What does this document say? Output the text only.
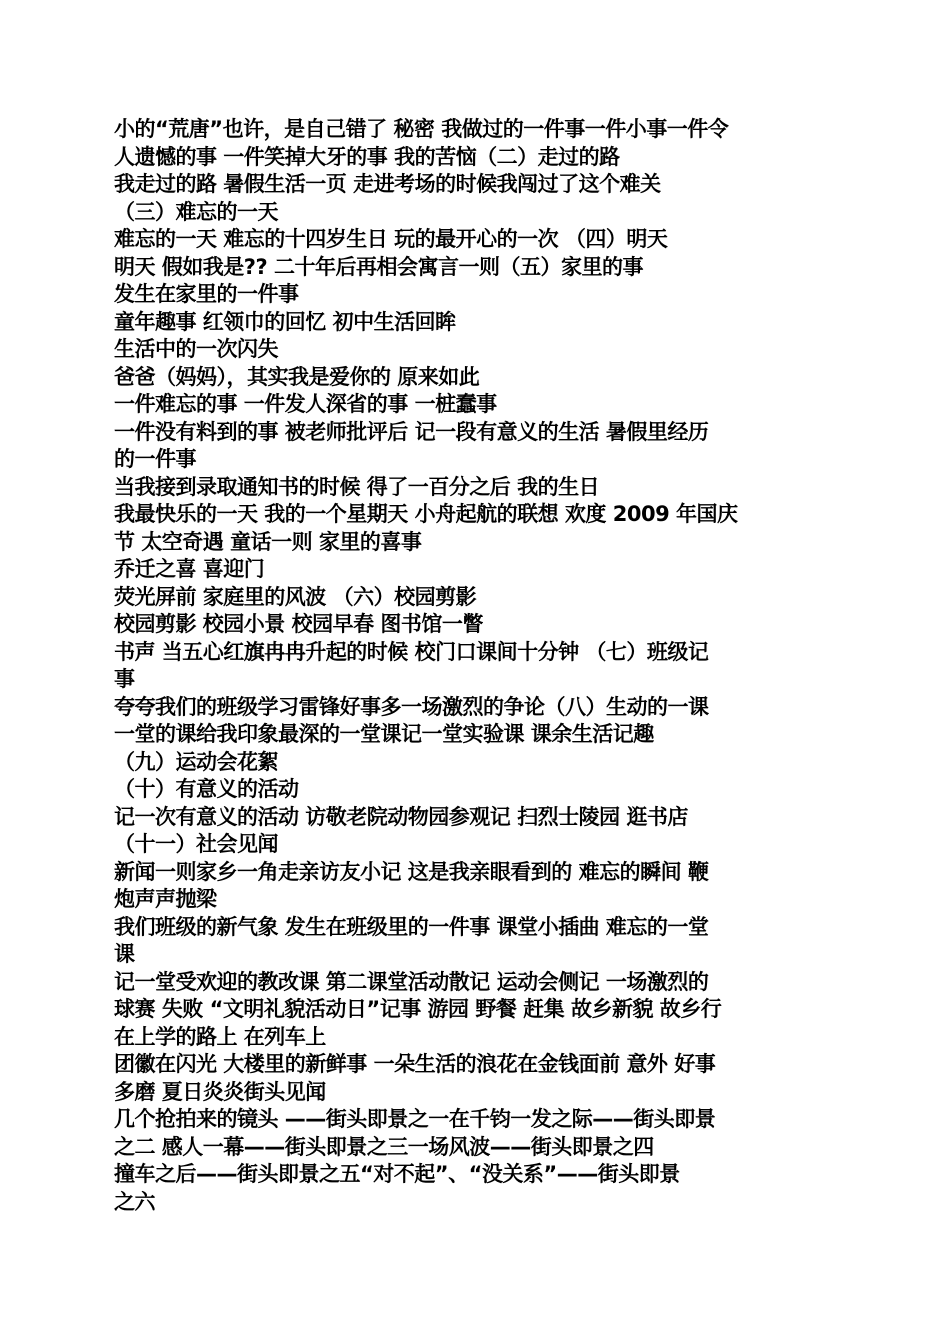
小的“荒唐”也许，是自己错了 秘密 我做过的一件事一件小事一件令
人遗憾的事 一件笑掉大牙的事 我的苦恼（二）走过的路
我走过的路 暑假生活一页 走进考场的时候我闯过了这个难关
（三）难忘的一天
难忘的一天 难忘的十四岁生日 玩的最开心的一次 （四）明天
明天 假如我是?? 二十年后再相会寓言一则（五）家里的事
发生在家里的一件事
童年趣事 红领巾的回忆 初中生活回眸
生活中的一次闪失
爸爸（妈妈），其实我是爱你的 原来如此
一件难忘的事 一件发人深省的事 一桩蠢事
一件没有料到的事 被老师批评后 记一段有意义的生活 暑假里经历
的一件事
当我接到录取通知书的时候 得了一百分之后 我的生日
我最快乐的一天 我的一个星期天 小舟起航的联想 欢度 2009 年国庆
节 太空奇遇 童话一则 家里的喜事
乔迁之喜 喜迎门
荧光屏前 家庭里的风波 （六）校园剪影
校园剪影 校园小景 校园早春 图书馆一瞥
书声 当五心红旗冉冉升起的时候 校门口课间十分钟 （七）班级记
事
夸夸我们的班级学习雷锋好事多一场激烈的争论（八）生动的一课
一堂的课给我印象最深的一堂课记一堂实验课 课余生活记趣
（九）运动会花絮
（十）有意义的活动
记一次有意义的活动 访敬老院动物园参观记 扫烈士陵园 逛书店
（十一）社会见闻
新闻一则家乡一角走亲访友小记 这是我亲眼看到的 难忘的瞬间 鞭
炮声声抛梁
我们班级的新气象 发生在班级里的一件事 课堂小插曲 难忘的一堂
课
记一堂受欢迎的教改课 第二课堂活动散记 运动会侧记 一场激烈的
球赛 失败 “文明礼貌活动日”记事 游园 野餐 赶集 故乡新貌 故乡行
在上学的路上 在列车上
团徽在闪光 大楼里的新鲜事 一朵生活的浪花在金钱面前 意外 好事
多磨 夏日炎炎街头见闻
几个抢拍来的镜头 ——街头即景之一在千钧一发之际——街头即景
之二 感人一幕——街头即景之三一场风波——街头即景之四
撞车之后——街头即景之五“对不起”、“没关系”——街头即景
之六
